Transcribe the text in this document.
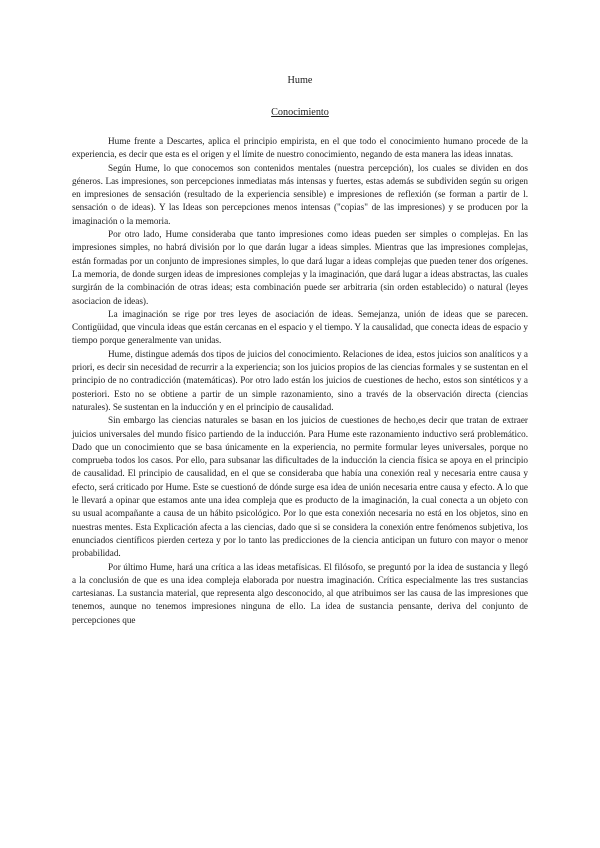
Hume

Conocimiento

Hume frente a Descartes, aplica el principio empirista, en el que todo el conocimiento humano procede de la experiencia, es decir que esta es el origen y el límite de nuestro conocimiento, negando de esta manera las ideas innatas.

Según Hume, lo que conocemos son contenidos mentales (nuestra percepción), los cuales se dividen en dos géneros. Las impresiones, son percepciones inmediatas más intensas y fuertes, estas además se subdividen según su origen en impresiones de sensación (resultado de la experiencia sensible) e impresiones de reflexión (se forman a partir de l. sensación o de ideas). Y las Ideas son percepciones menos intensas ("copias" de las impresiones) y se producen por la imaginación o la memoria.

Por otro lado, Hume consideraba que tanto impresiones como ideas pueden ser simples o complejas. En las impresiones simples, no habrá división por lo que darán lugar a ideas simples. Mientras que las impresiones complejas, están formadas por un conjunto de impresiones simples, lo que dará lugar a ideas complejas que pueden tener dos orígenes. La memoria, de donde surgen ideas de impresiones complejas y la imaginación, que dará lugar a ideas abstractas, las cuales surgirán de la combinación de otras ideas; esta combinación puede ser arbitraria (sin orden establecido) o natural (leyes asociacion de ideas).

La imaginación se rige por tres leyes de asociación de ideas. Semejanza, unión de ideas que se parecen. Contigüidad, que vincula ideas que están cercanas en el espacio y el tiempo. Y la causalidad, que conecta ideas de espacio y tiempo porque generalmente van unidas.

Hume, distingue además dos tipos de juicios del conocimiento. Relaciones de idea, estos juicios son analíticos y a priori, es decir sin necesidad de recurrir a la experiencia; son los juicios propios de las ciencias formales y se sustentan en el principio de no contradicción (matemáticas). Por otro lado están los juicios de cuestiones de hecho, estos son sintéticos y a posteriori. Esto no se obtiene a partir de un simple razonamiento, sino a través de la observación directa (ciencias naturales). Se sustentan en la inducción y en el principio de causalidad.

Sin embargo las ciencias naturales se basan en los juicios de cuestiones de hecho,es decir que tratan de extraer juicios universales del mundo físico partiendo de la inducción. Para Hume este razonamiento inductivo será problemático. Dado que un conocimiento que se basa únicamente en la experiencia, no permite formular leyes universales, porque no comprueba todos los casos. Por ello, para subsanar las dificultades de la inducción la ciencia física se apoya en el principio de causalidad. El principio de causalidad, en el que se consideraba que había una conexión real y necesaria entre causa y efecto, será criticado por Hume. Este se cuestionó de dónde surge esa idea de unión necesaria entre causa y efecto. A lo que le llevará a opinar que estamos ante una idea compleja que es producto de la imaginación, la cual conecta a un objeto con su usual acompañante a causa de un hábito psicológico. Por lo que esta conexión necesaria no está en los objetos, sino en nuestras mentes. Esta Explicación afecta a las ciencias, dado que si se considera la conexión entre fenómenos subjetiva, los enunciados científicos pierden certeza y por lo tanto las predicciones de la ciencia anticipan un futuro con mayor o menor probabilidad.

Por último Hume, hará una crítica a las ideas metafísicas. El filósofo, se preguntó por la idea de sustancia y llegó a la conclusión de que es una idea compleja elaborada por nuestra imaginación. Crítica especialmente las tres sustancias cartesianas. La sustancia material, que representa algo desconocido, al que atribuimos ser las causa de las impresiones que tenemos, aunque no tenemos impresiones ninguna de ello. La idea de sustancia pensante, deriva del conjunto de percepciones que
